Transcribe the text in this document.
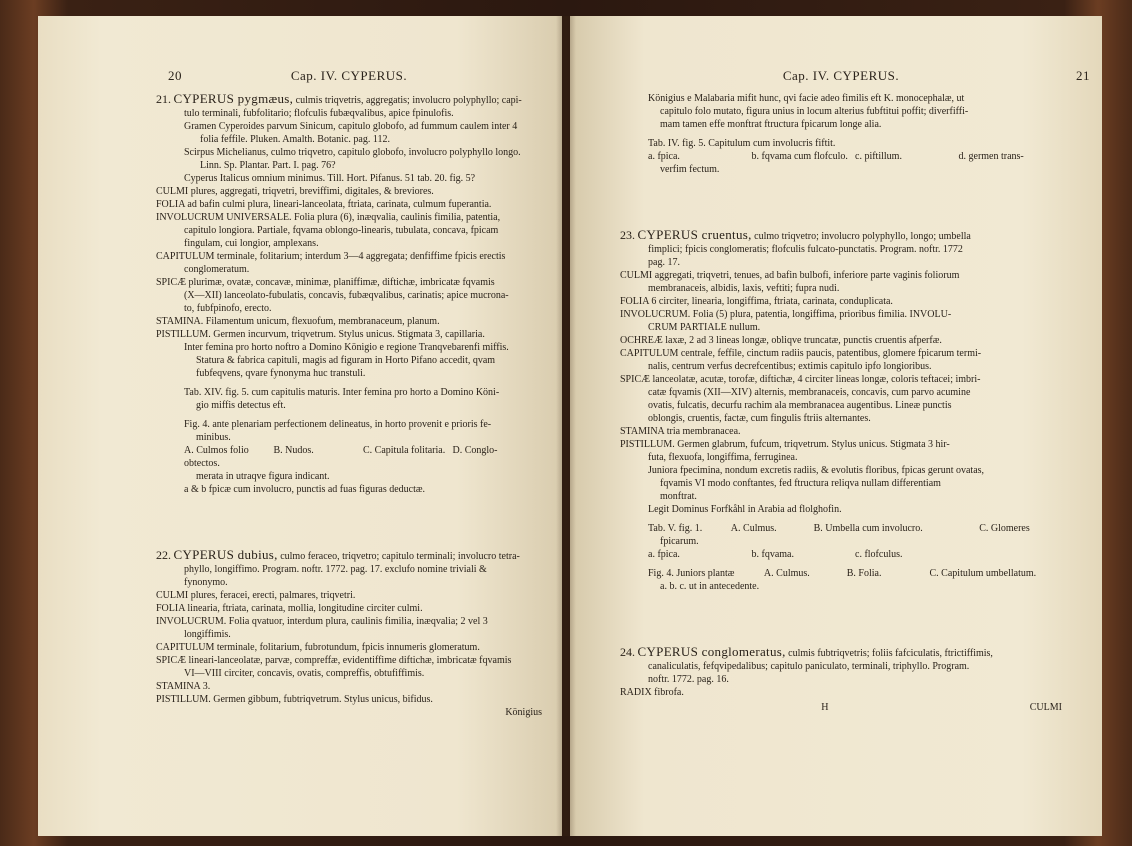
20	Cap. IV. CYPERUS.

21. CYPERUS pygmæus, culmis triqvetris, aggregatis; involucro polyphyllo; capi-

tulo terminali, fubfolitario; flofculis fubæqvalibus, apice fpinulofis.

Gramen Cyperoides parvum Sinicum, capitulo globofo, ad fummum caulem inter 4

folia feffile. Pluken. Amalth. Botanic. pag. 112.

Scirpus Michelianus, culmo triqvetro, capitulo globofo, involucro polyphyllo longo.

Linn. Sp. Plantar. Part. I. pag. 76?

Cyperus Italicus omnium minimus. Till. Hort. Pifanus. 51 tab. 20. fig. 5?

CULMI plures, aggregati, triqvetri, breviffimi, digitales, & breviores.

FOLIA ad bafin culmi plura, lineari-lanceolata, ftriata, carinata, culmum fuperantia.

INVOLUCRUM UNIVERSALE. Folia plura (6), inæqvalia, caulinis fimilia, patentia,

capitulo longiora. Partiale, fqvama oblongo-linearis, tubulata, concava, fpicam

fingulam, cui longior, amplexans.

CAPITULUM terminale, folitarium; interdum 3—4 aggregata; denfiffime fpicis erectis

conglomeratum.

SPICÆ plurimæ, ovatæ, concavæ, minimæ, planiffimæ, diftichæ, imbricatæ fqvamis

(X—XII) lanceolato-fubulatis, concavis, fubæqvalibus, carinatis; apice mucrona-

to, fubfpinofo, erecto.

STAMINA. Filamentum unicum, flexuofum, membranaceum, planum.

PISTILLUM. Germen incurvum, triqvetrum. Stylus unicus. Stigmata 3, capillaria.

Inter femina pro horto noftro a Domino Königio e regione Tranqvebarenfi miffis.

Statura & fabrica capituli, magis ad figuram in Horto Pifano accedit, qvam

fubfeqvens, qvare fynonyma huc transtuli.

Tab. XIV. fig. 5. cum capitulis maturis. Inter femina pro horto a Domino Köni-

gio miffis detectus eft.

Fig. 4. ante plenariam perfectionem delineatus, in horto provenit e prioris fe-

minibus.

A. Culmos folio obtectos.
B. Nudos.	C. Capitula folitaria. D. Conglo-

merata in utraqve figura indicant.

a & b fpicæ cum involucro, punctis ad fuas figuras deductæ.

22. CYPERUS dubius, culmo feraceo, triqvetro; capitulo terminali; involucro tetra-

phyllo, longiffimo. Program. noftr. 1772. pag. 17. exclufo nomine triviali &

fynonymo.

CULMI plures, feracei, erecti, palmares, triqvetri.

FOLIA linearia, ftriata, carinata, mollia, longitudine circiter culmi.

INVOLUCRUM. Folia qvatuor, interdum plura, caulinis fimilia, inæqvalia; 2 vel 3

longiffimis.

CAPITULUM terminale, folitarium, fubrotundum, fpicis innumeris glomeratum.

SPICÆ lineari-lanceolatæ, parvæ, compreffæ, evidentiffime diftichæ, imbricatæ fqvamis

VI—VIII circiter, concavis, ovatis, compreffis, obtufiffimis.

STAMINA 3.

PISTILLUM. Germen gibbum, fubtriqvetrum. Stylus unicus, bifidus.

Königius

Cap. IV. CYPERUS.	21

Königius e Malabaria mifit hunc, qvi facie adeo fimilis eft K. monocephalæ, ut

capitulo folo mutato, figura unius in locum alterius fubftitui poffit; diverfiffi-

mam tamen effe monftrat ftructura fpicarum longe alia.

Tab. IV. fig. 5. Capitulum cum involucris fiftit.

a. fpica.	b. fqvama cum flofculo. c. piftillum.	d. germen trans-

verfim fectum.

23. CYPERUS cruentus, culmo triqvetro; involucro polyphyllo, longo; umbella

fimplici; fpicis conglomeratis; flofculis fulcato-punctatis. Program. noftr. 1772

pag. 17.

CULMI aggregati, triqvetri, tenues, ad bafin bulbofi, inferiore parte vaginis foliorum

membranaceis, albidis, laxis, veftiti; fupra nudi.

FOLIA 6 circiter, linearia, longiffima, ftriata, carinata, conduplicata.

INVOLUCRUM. Folia (5) plura, patentia, longiffima, prioribus fimilia. INVOLU-

CRUM PARTIALE nullum.

OCHREÆ laxæ, 2 ad 3 lineas longæ, obliqve truncatæ, punctis cruentis afperfæ.

CAPITULUM centrale, feffile, cinctum radiis paucis, patentibus, glomere fpicarum termi-

nalis, centrum verfus decrefcentibus; extimis capitulo ipfo longioribus.

SPICÆ lanceolatæ, acutæ, torofæ, diftichæ, 4 circiter lineas longæ, coloris teftacei; imbri-

catæ fqvamis (XII—XIV) alternis, membranaceis, concavis, cum parvo acumine

ovatis, fulcatis, decurfu rachim ala membranacea augentibus. Lineæ punctis

oblongis, cruentis, factæ, cum fingulis ftriis alternantes.

STAMINA tria membranacea.

PISTILLUM. Germen glabrum, fufcum, triqvetrum. Stylus unicus. Stigmata 3 hir-

futa, flexuofa, longiffima, ferruginea.

Juniora fpecimina, nondum excretis radiis, & evolutis floribus, fpicas gerunt ovatas,

fqvamis VI modo conftantes, fed ftructura reliqva nullam differentiam

monftrat.

Legit Dominus Forfkåhl in Arabia ad flolghofin.

Tab. V. fig. 1.	A. Culmus.	B. Umbella cum involucro.	C. Glomeres

fpicarum.

a. fpica.	b. fqvama.	c. flofculus.

Fig. 4. Juniors plantæ	A. Culmus.	B. Folia.	C. Capitulum umbellatum.

a. b. c. ut in antecedente.

24. CYPERUS conglomeratus, culmis fubtriqvetris; foliis fafciculatis, ftrictiffimis,

canaliculatis, fefqvipedalibus; capitulo paniculato, terminali, triphyllo. Program.

noftr. 1772. pag. 16.

RADIX fibrofa.

H	CULMI
